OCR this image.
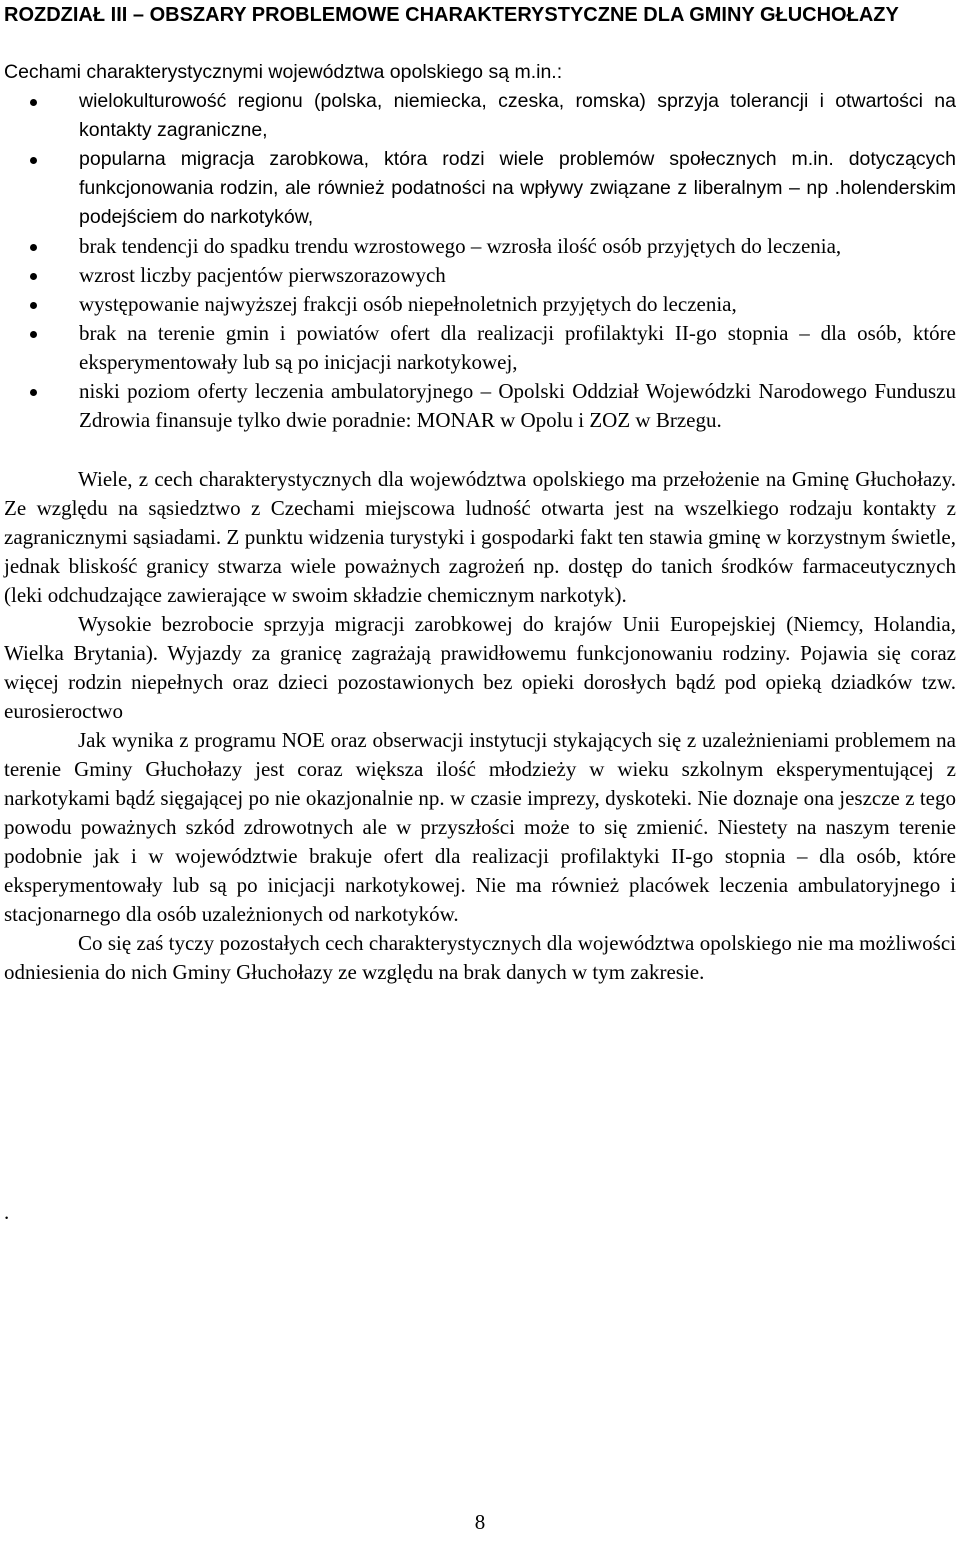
ROZDZIAŁ III – OBSZARY PROBLEMOWE CHARAKTERYSTYCZNE DLA GMINY GŁUCHOŁAZY

Cechami charakterystycznymi województwa opolskiego są m.in.:

wielokulturowość regionu (polska, niemiecka, czeska, romska) sprzyja tolerancji i otwartości na kontakty zagraniczne,
popularna migracja zarobkowa, która rodzi wiele problemów społecznych m.in. dotyczących funkcjonowania rodzin, ale również podatności na wpływy związane z liberalnym – np .holenderskim podejściem do narkotyków,
brak tendencji do spadku trendu wzrostowego – wzrosła ilość osób przyjętych do leczenia,
wzrost liczby pacjentów pierwszorazowych
występowanie najwyższej frakcji osób niepełnoletnich przyjętych do leczenia,
brak na terenie gmin i powiatów ofert dla realizacji profilaktyki II-go stopnia – dla osób, które eksperymentowały lub są po inicjacji narkotykowej,
niski poziom oferty leczenia ambulatoryjnego – Opolski Oddział Wojewódzki Narodowego Funduszu Zdrowia finansuje tylko dwie poradnie: MONAR w Opolu i ZOZ w Brzegu.

Wiele, z cech charakterystycznych dla województwa opolskiego ma przełożenie na Gminę Głuchołazy. Ze względu na sąsiedztwo z Czechami miejscowa ludność otwarta jest na wszelkiego rodzaju kontakty z zagranicznymi sąsiadami. Z punktu widzenia turystyki i gospodarki fakt ten stawia gminę w korzystnym świetle, jednak bliskość granicy stwarza wiele poważnych zagrożeń np. dostęp do tanich środków farmaceutycznych (leki odchudzające zawierające w swoim składzie chemicznym narkotyk).

Wysokie bezrobocie sprzyja migracji zarobkowej do krajów Unii Europejskiej (Niemcy, Holandia, Wielka Brytania). Wyjazdy za granicę zagrażają prawidłowemu funkcjonowaniu rodziny. Pojawia się coraz więcej rodzin niepełnych oraz dzieci pozostawionych bez opieki dorosłych bądź pod opieką dziadków tzw. eurosieroctwo

Jak wynika z programu NOE oraz obserwacji instytucji stykających się z uzależnieniami problemem na terenie Gminy Głuchołazy jest coraz większa ilość młodzieży w wieku szkolnym eksperymentującej z narkotykami bądź sięgającej po nie okazjonalnie np. w czasie imprezy, dyskoteki. Nie doznaje ona jeszcze z tego powodu poważnych szkód zdrowotnych ale w przyszłości może to się zmienić. Niestety na naszym terenie podobnie jak i w województwie brakuje ofert dla realizacji profilaktyki II-go stopnia – dla osób, które eksperymentowały lub są po inicjacji narkotykowej. Nie ma również placówek leczenia ambulatoryjnego i stacjonarnego dla osób uzależnionych od narkotyków.

Co się zaś tyczy pozostałych cech charakterystycznych dla województwa opolskiego nie ma możliwości odniesienia do nich Gminy Głuchołazy ze względu na brak danych w tym zakresie.

.
8
